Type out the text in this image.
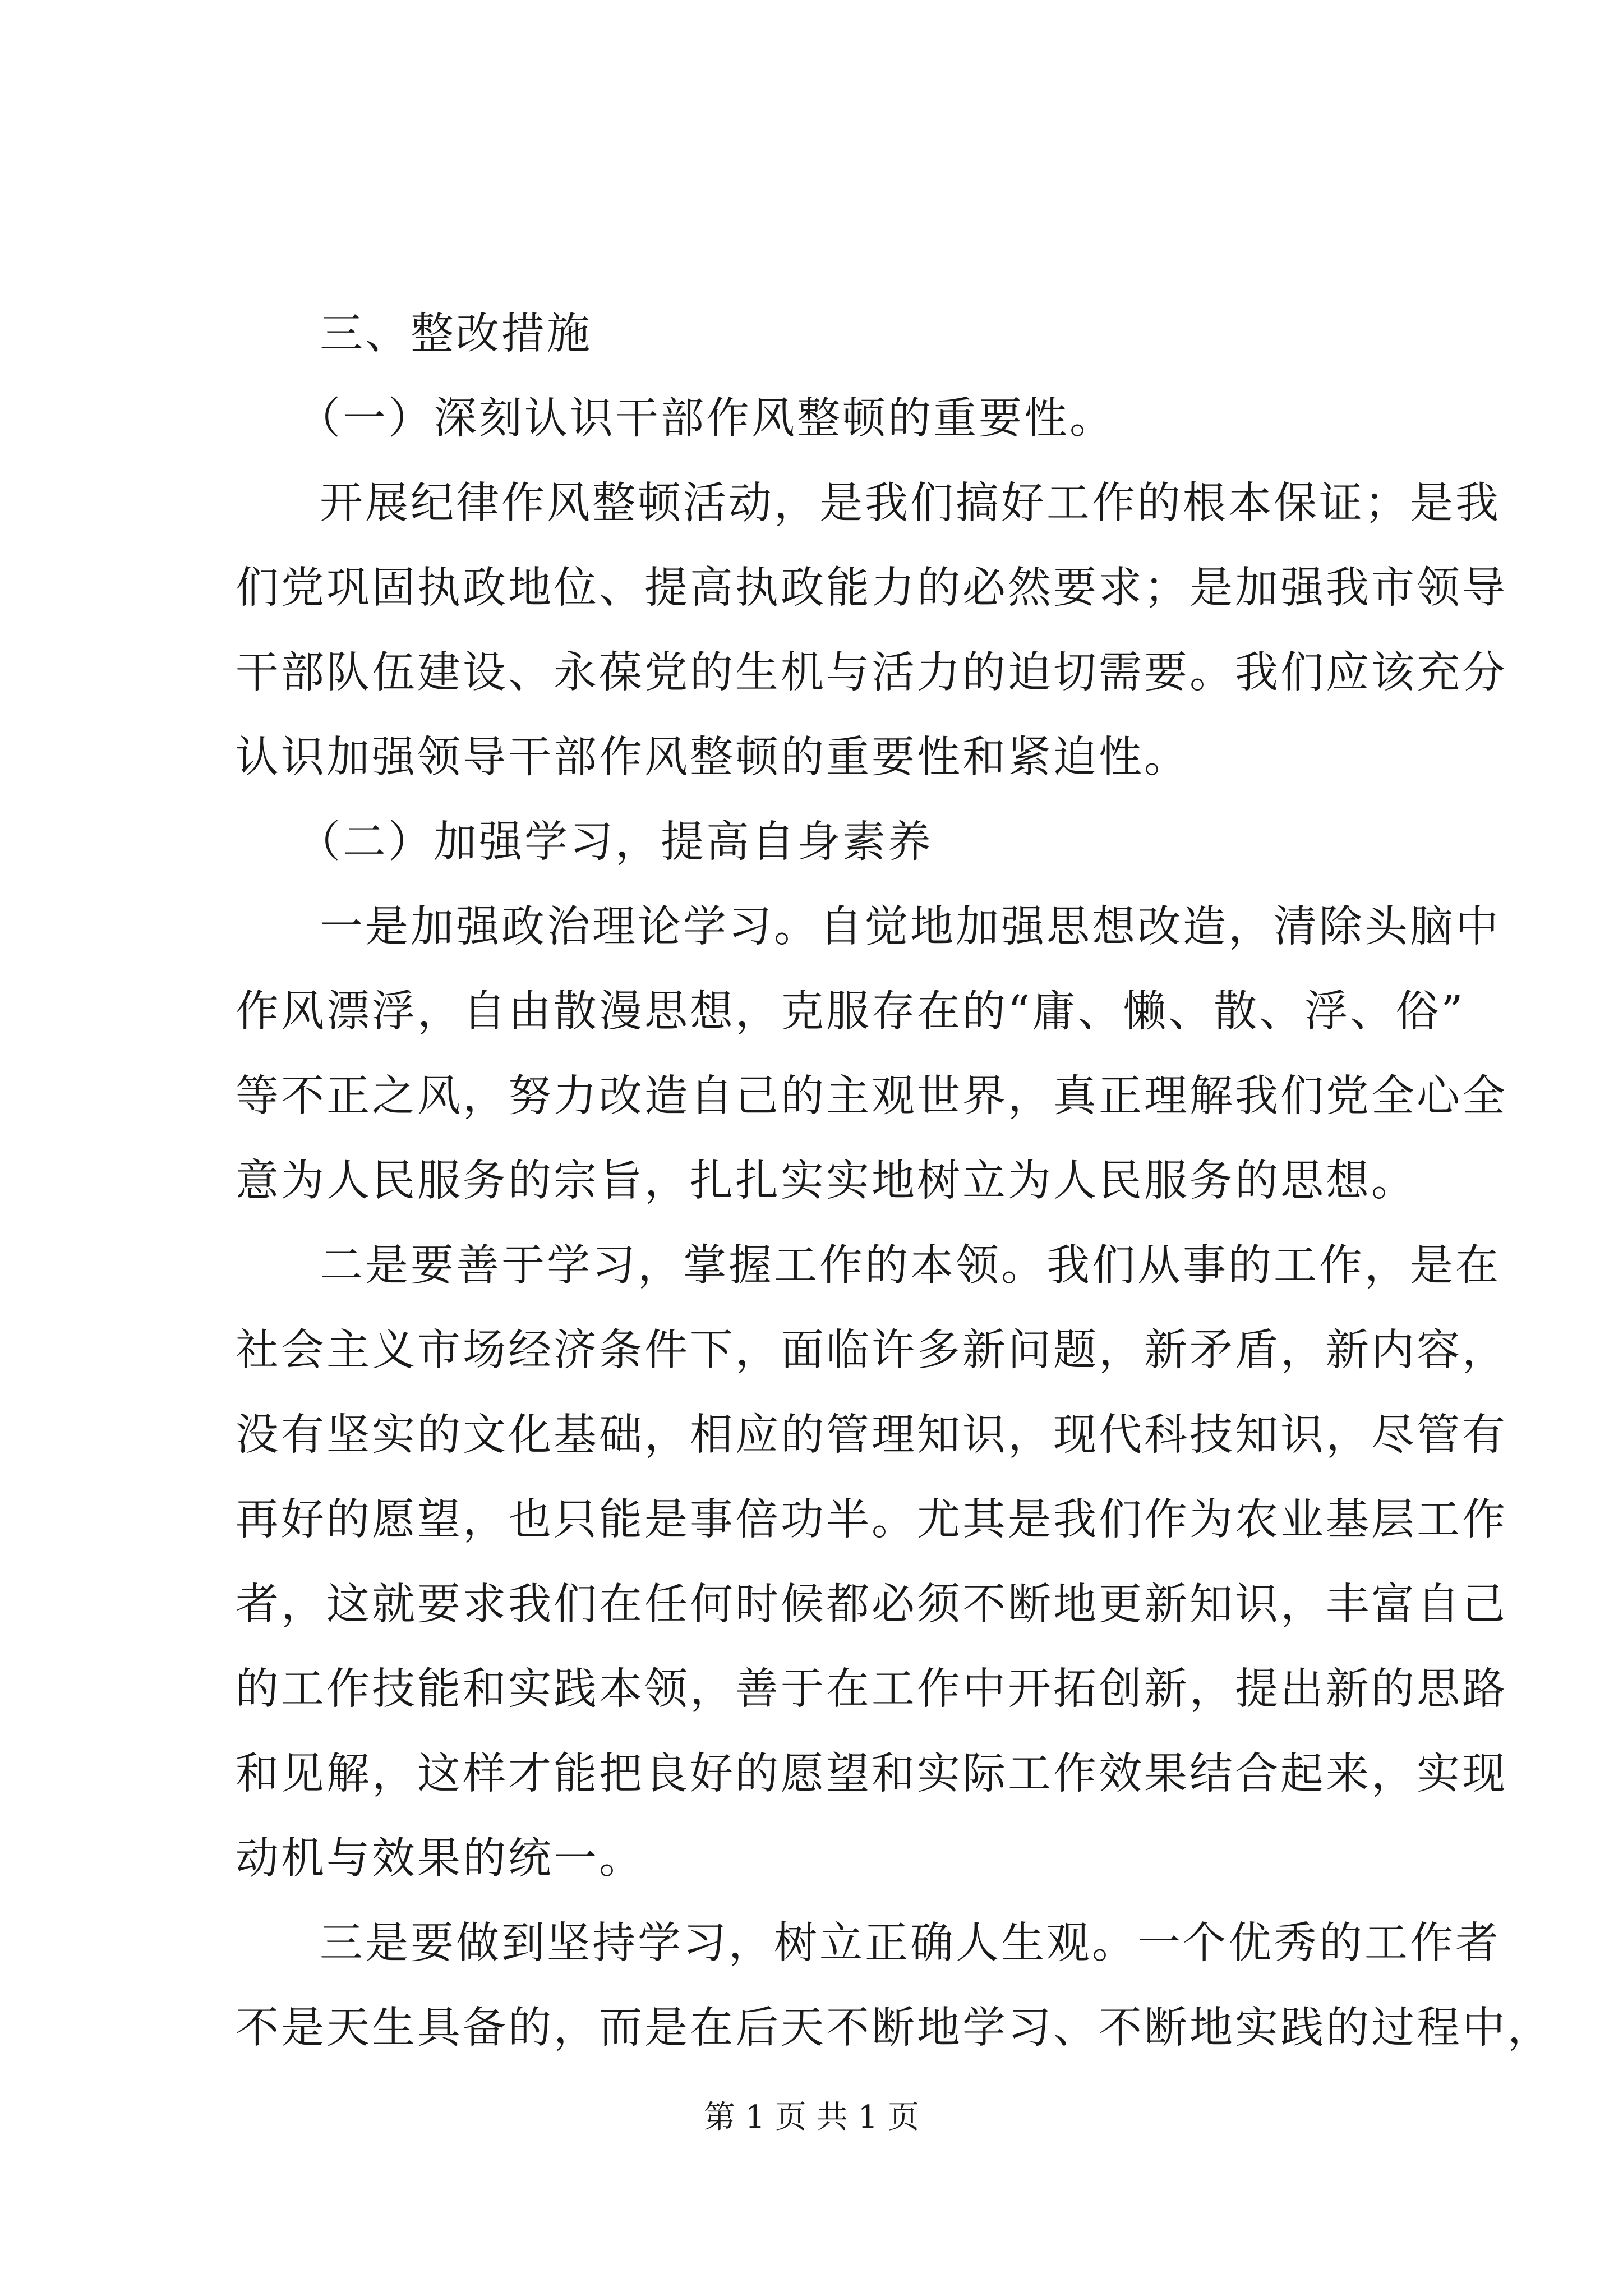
三、整改措施
（一）深刻认识干部作风整顿的重要性。
开展纪律作风整顿活动，是我们搞好工作的根本保证；是我
们党巩固执政地位、提高执政能力的必然要求；是加强我市领导
干部队伍建设、永葆党的生机与活力的迫切需要。我们应该充分
认识加强领导干部作风整顿的重要性和紧迫性。
（二）加强学习，提高自身素养
一是加强政治理论学习。自觉地加强思想改造，清除头脑中
作风漂浮，自由散漫思想，克服存在的“庸、懒、散、浮、俗”
等不正之风，努力改造自己的主观世界，真正理解我们党全心全
意为人民服务的宗旨，扎扎实实地树立为人民服务的思想。
二是要善于学习，掌握工作的本领。我们从事的工作，是在
社会主义市场经济条件下，面临许多新问题，新矛盾，新内容，
没有坚实的文化基础，相应的管理知识，现代科技知识，尽管有
再好的愿望，也只能是事倍功半。尤其是我们作为农业基层工作
者，这就要求我们在任何时候都必须不断地更新知识，丰富自己
的工作技能和实践本领，善于在工作中开拓创新，提出新的思路
和见解，这样才能把良好的愿望和实际工作效果结合起来，实现
动机与效果的统一。
三是要做到坚持学习，树立正确人生观。一个优秀的工作者
不是天生具备的，而是在后天不断地学习、不断地实践的过程中，
第 1 页 共 1 页
